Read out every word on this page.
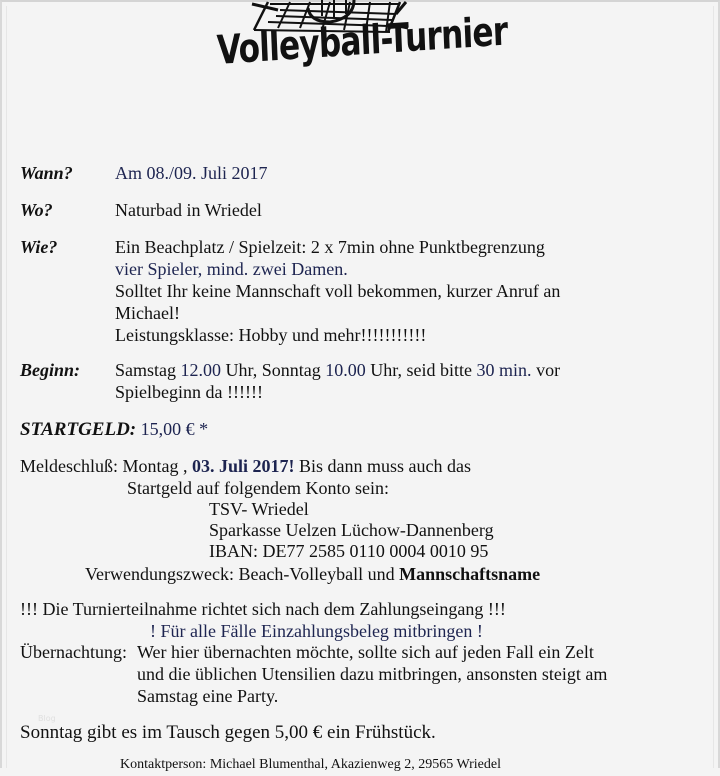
Volleyball-Turnier
Wann? Am 08./09. Juli 2017
Wo?	Naturbad in Wriedel
Wie?	Ein Beachplatz / Spielzeit: 2 x 7min ohne Punktbegrenzung
vier Spieler, mind. zwei Damen.
Solltet Ihr keine Mannschaft voll bekommen, kurzer Anruf an
Michael!
Leistungsklasse: Hobby und mehr!!!!!!!!!!!
Beginn: Samstag 12.00 Uhr, Sonntag 10.00 Uhr, seid bitte 30 min. vor
Spielbeginn da !!!!!!
STARTGELD: 15,00 € *
Meldeschluß: Montag , 03. Juli 2017! Bis dann muss auch das
Startgeld auf folgendem Konto sein:
TSV- Wriedel
Sparkasse Uelzen Lüchow-Dannenberg
IBAN: DE77 2585 0110 0004 0010 95
Verwendungszweck: Beach-Volleyball und Mannschaftsname
!!! Die Turnierteilnahme richtet sich nach dem Zahlungseingang !!!
! Für alle Fälle Einzahlungsbeleg mitbringen !
Übernachtung: Wer hier übernachten möchte, sollte sich auf jeden Fall ein Zelt
und die üblichen Utensilien dazu mitbringen, ansonsten steigt am
Samstag eine Party.
Blog
Sonntag gibt es im Tausch gegen 5,00 € ein Frühstück.
Kontaktperson: Michael Blumenthal, Akazienweg 2, 29565 Wriedel
